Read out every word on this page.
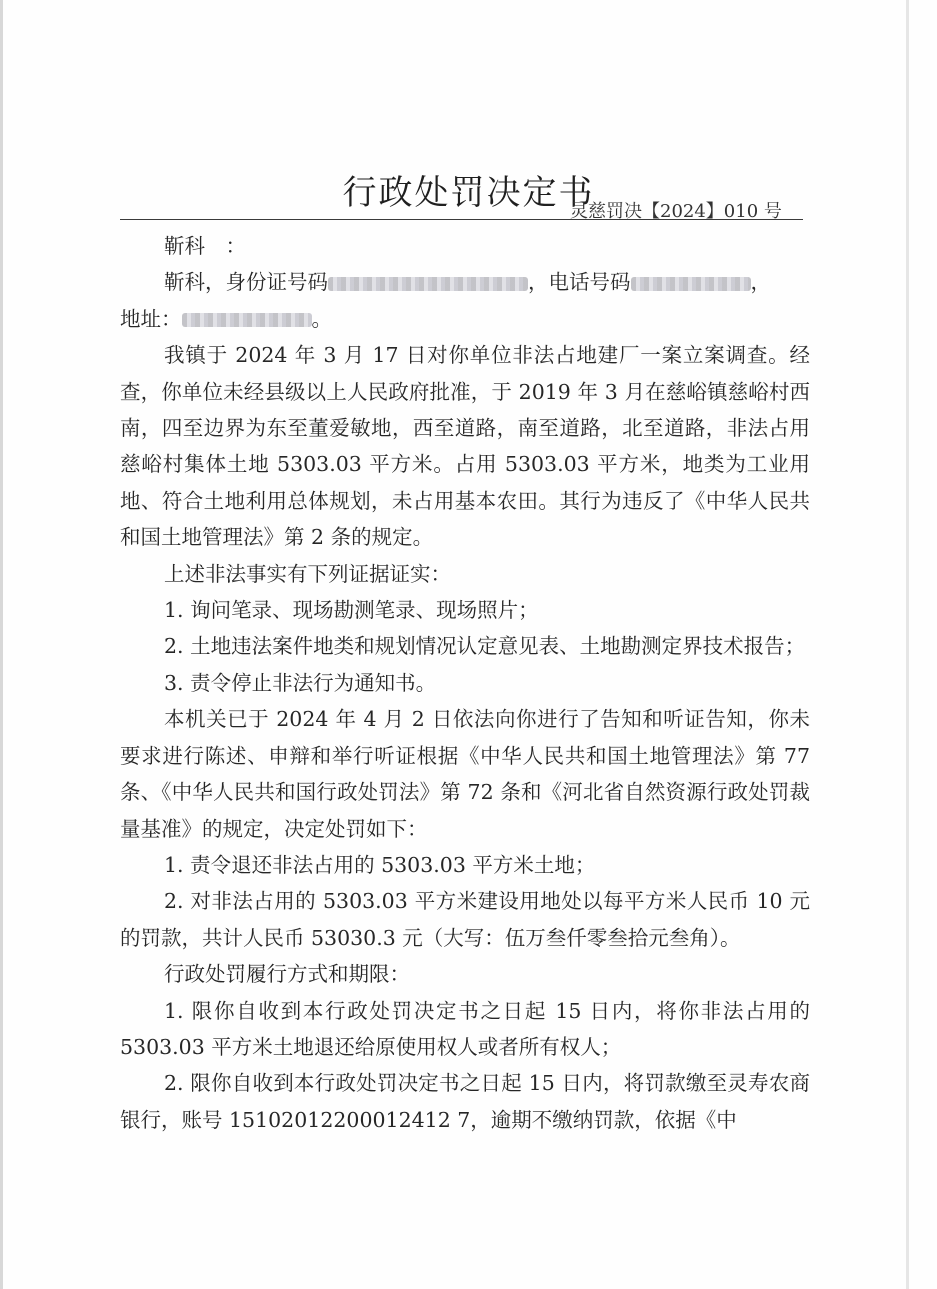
行政处罚决定书
灵慈罚决【2024】010 号

靳科　：

靳科，身份证号码	，电话号码	，

地址：	。

我镇于 2024 年 3 月 17 日对你单位非法占地建厂一案立案调查。经查，你单位未经县级以上人民政府批准，于 2019 年 3 月在慈峪镇慈峪村西南，四至边界为东至董爱敏地，西至道路，南至道路，北至道路，非法占用慈峪村集体土地 5303.03 平方米。占用 5303.03 平方米，地类为工业用地、符合土地利用总体规划，未占用基本农田。其行为违反了《中华人民共和国土地管理法》第 2 条的规定。

上述非法事实有下列证据证实：

1. 询问笔录、现场勘测笔录、现场照片；

2. 土地违法案件地类和规划情况认定意见表、土地勘测定界技术报告；

3. 责令停止非法行为通知书。

本机关已于 2024 年 4 月 2 日依法向你进行了告知和听证告知，你未要求进行陈述、申辩和举行听证根据《中华人民共和国土地管理法》第 77 条、《中华人民共和国行政处罚法》第 72 条和《河北省自然资源行政处罚裁量基准》的规定，决定处罚如下：

1. 责令退还非法占用的 5303.03 平方米土地；

2. 对非法占用的 5303.03 平方米建设用地处以每平方米人民币 10 元的罚款，共计人民币 53030.3 元（大写：伍万叁仟零叁拾元叁角）。

行政处罚履行方式和期限：

1. 限你自收到本行政处罚决定书之日起 15 日内，将你非法占用的 5303.03 平方米土地退还给原使用权人或者所有权人；

2. 限你自收到本行政处罚决定书之日起 15 日内，将罚款缴至灵寿农商银行，账号 15102012200012412 7，逾期不缴纳罚款，依据《中
